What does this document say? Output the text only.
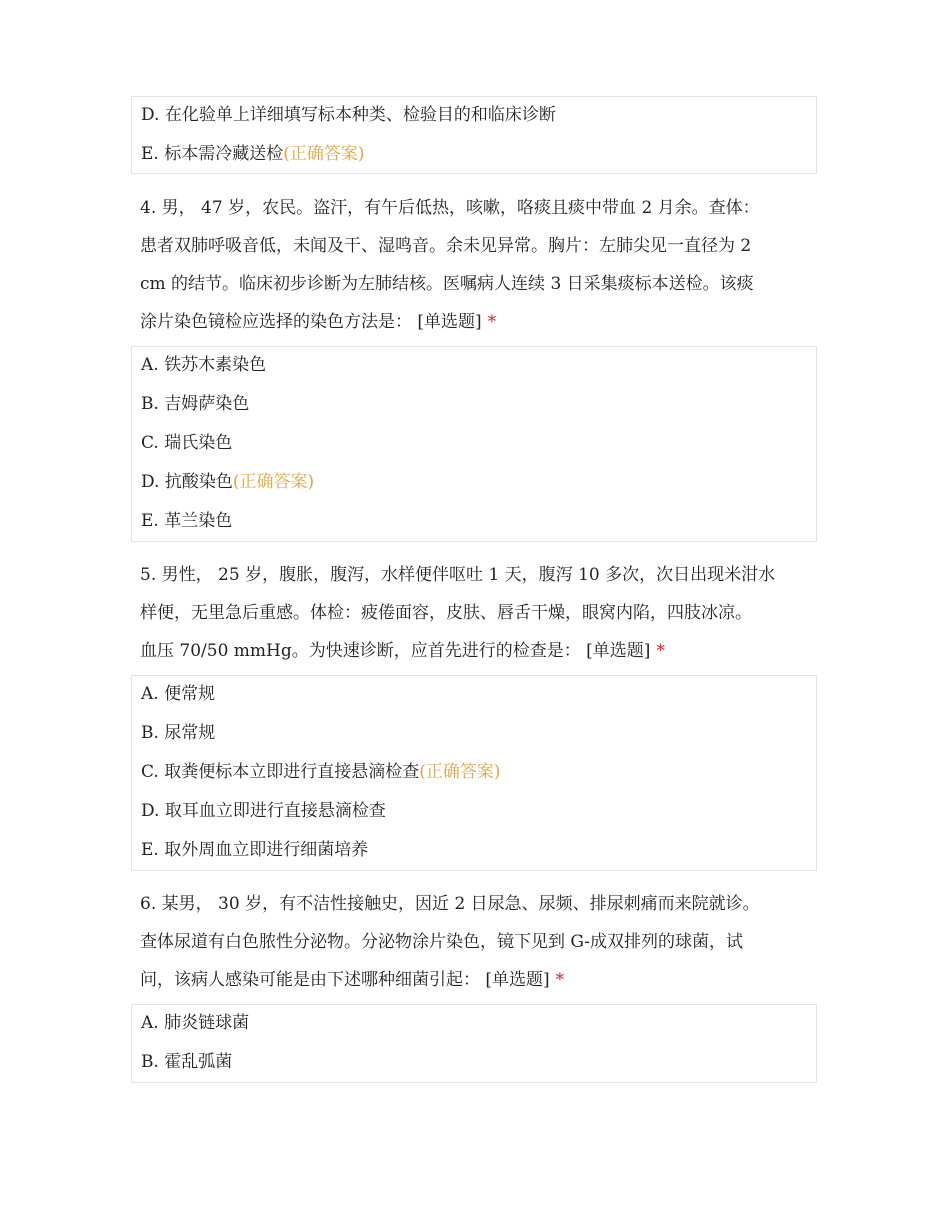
D. 在化验单上详细填写标本种类、检验目的和临床诊断
E. 标本需冷藏送检(正确答案)
4. 男， 47 岁，农民。盗汗，有午后低热，咳嗽，咯痰且痰中带血 2 月余。查体：
患者双肺呼吸音低，未闻及干、湿鸣音。余未见异常。胸片：左肺尖见一直径为 2
cm 的结节。临床初步诊断为左肺结核。医嘱病人连续 3 日采集痰标本送检。该痰
涂片染色镜检应选择的染色方法是： [单选题] *
A. 铁苏木素染色
B. 吉姆萨染色
C. 瑞氏染色
D. 抗酸染色(正确答案)
E. 革兰染色
5. 男性， 25 岁，腹胀，腹泻，水样便伴呕吐 1 天，腹泻 10 多次，次日出现米泔水
样便，无里急后重感。体检：疲倦面容，皮肤、唇舌干燥，眼窝内陷，四肢冰凉。
血压 70/50 mmHg。为快速诊断，应首先进行的检查是： [单选题] *
A. 便常规
B. 尿常规
C. 取粪便标本立即进行直接悬滴检查(正确答案)
D. 取耳血立即进行直接悬滴检查
E. 取外周血立即进行细菌培养
6. 某男， 30 岁，有不洁性接触史，因近 2 日尿急、尿频、排尿刺痛而来院就诊。
查体尿道有白色脓性分泌物。分泌物涂片染色，镜下见到 G-成双排列的球菌，试
问，该病人感染可能是由下述哪种细菌引起： [单选题] *
A. 肺炎链球菌
B. 霍乱弧菌
